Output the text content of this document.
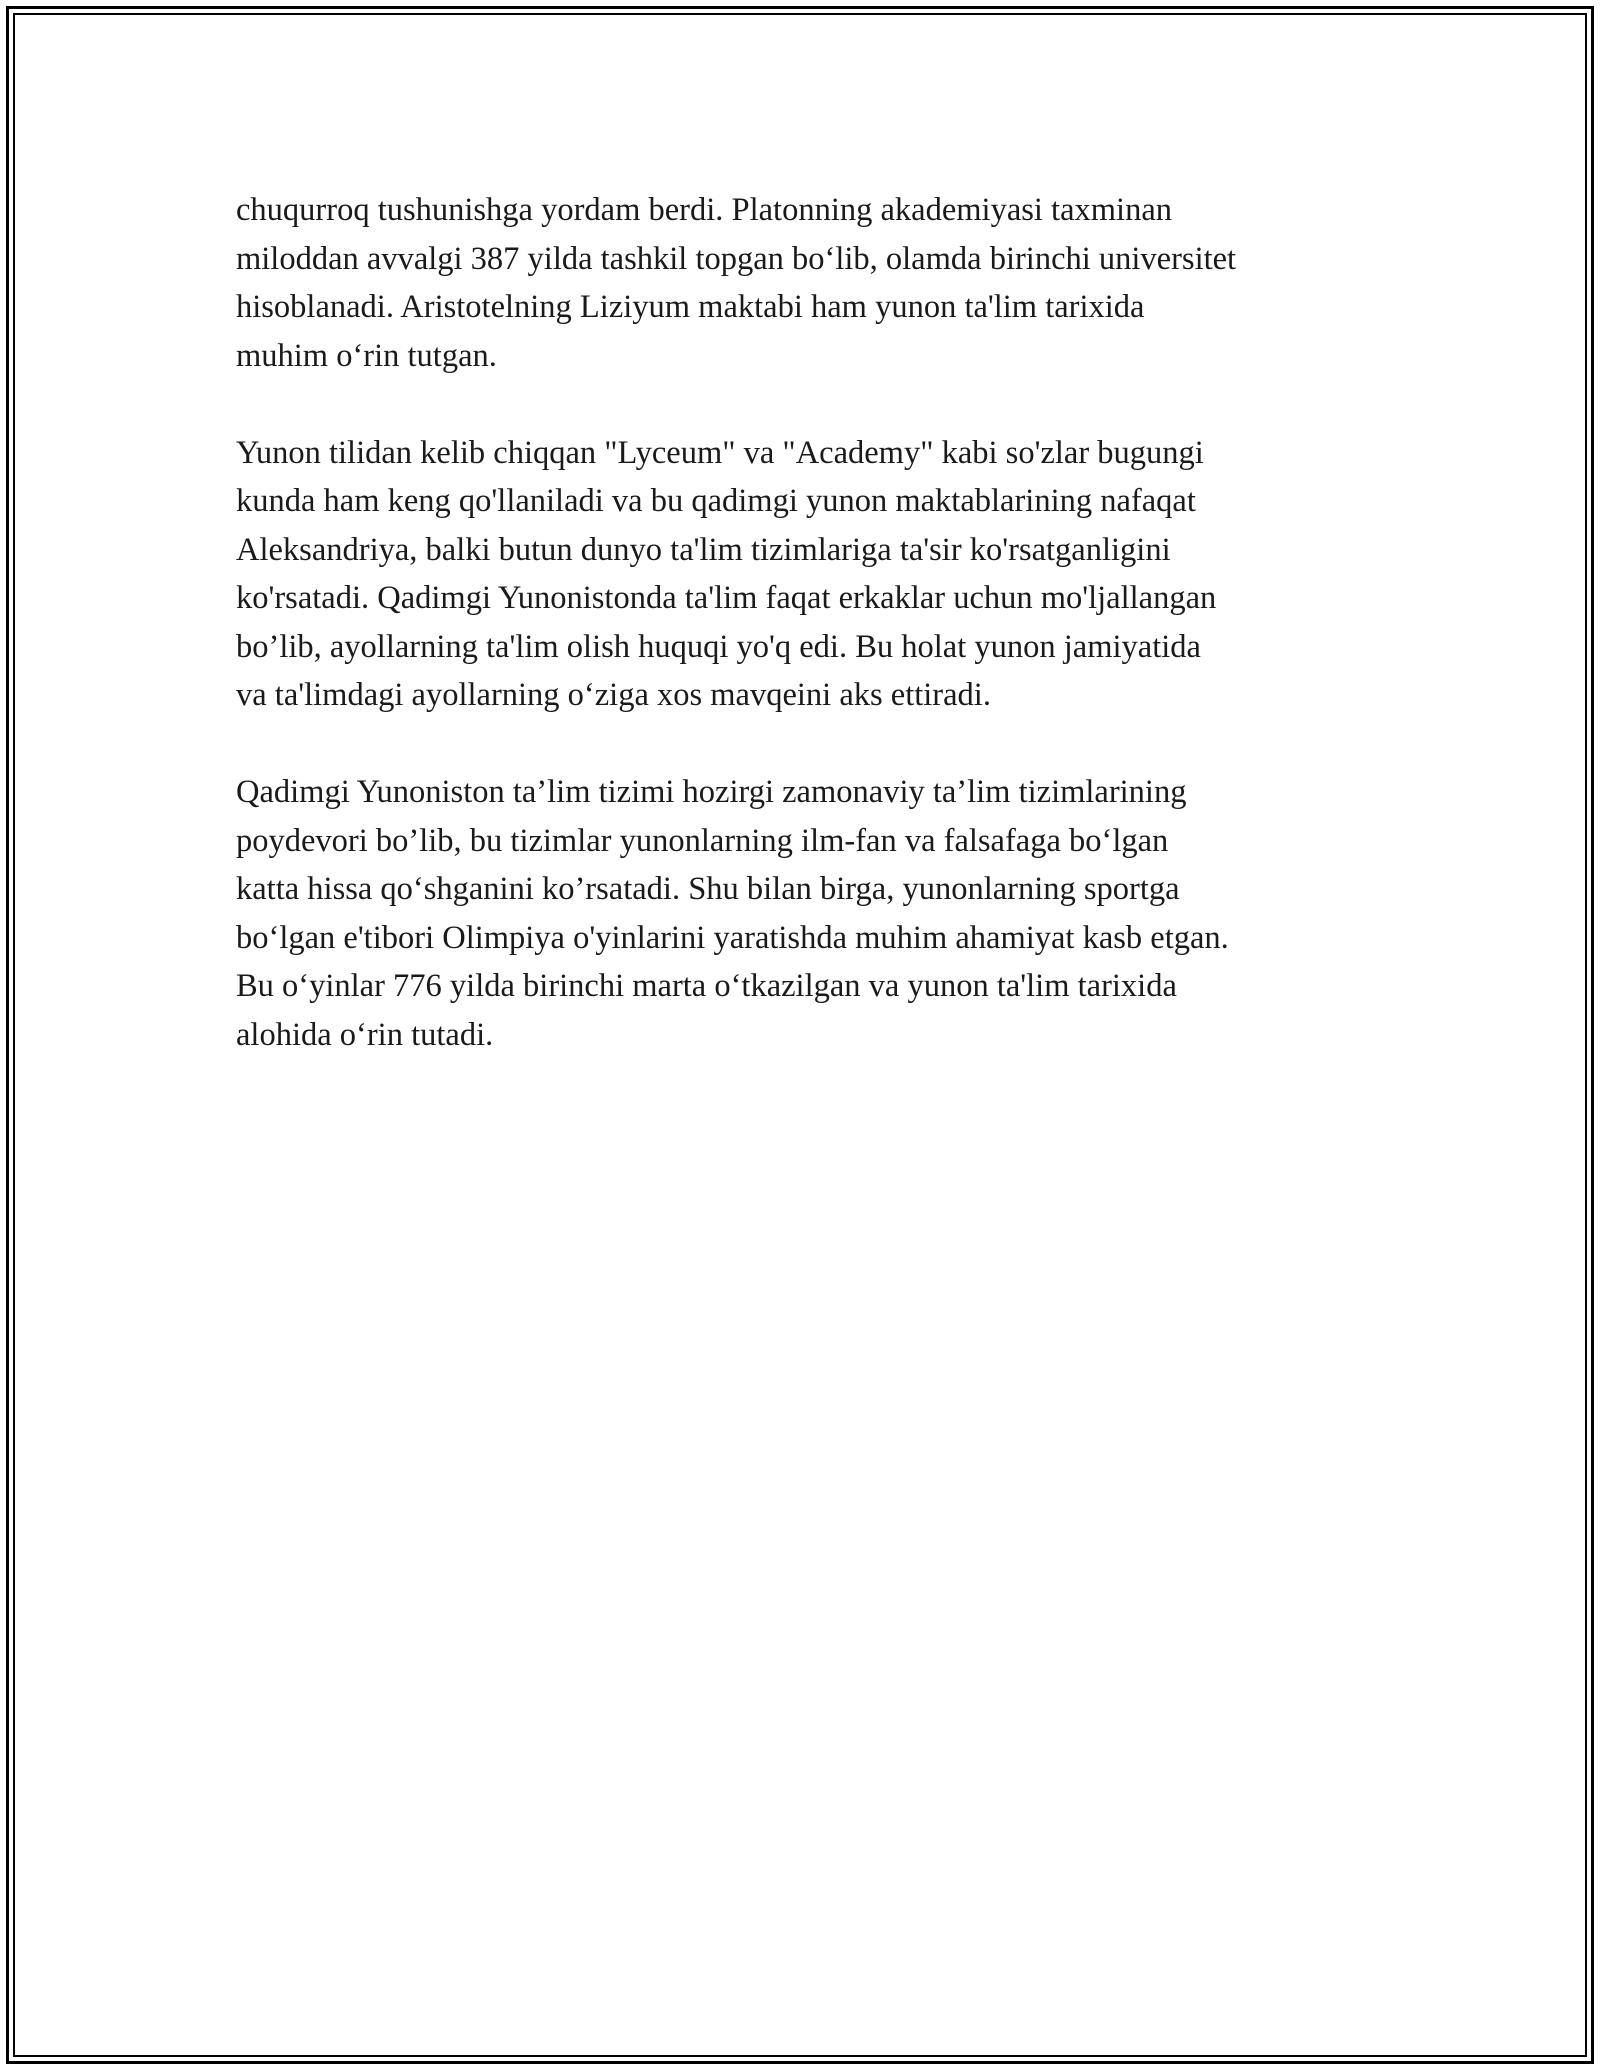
chuqurroq tushunishga yordam berdi. Platonning akademiyasi taxminan
miloddan avvalgi 387 yilda tashkil topgan bo‘lib, olamda birinchi universitet
hisoblanadi. Aristotelning Liziyum maktabi ham yunon ta'lim tarixida
muhim o‘rin tutgan.
Yunon tilidan kelib chiqqan "Lyceum" va "Academy" kabi so'zlar bugungi
kunda ham keng qo'llaniladi va bu qadimgi yunon maktablarining nafaqat
Aleksandriya, balki butun dunyo ta'lim tizimlariga ta'sir ko'rsatganligini
ko'rsatadi. Qadimgi Yunonistonda ta'lim faqat erkaklar uchun mo'ljallangan
bo’lib, ayollarning ta'lim olish huquqi yo'q edi. Bu holat yunon jamiyatida
va ta'limdagi ayollarning o‘ziga xos mavqeini aks ettiradi.
Qadimgi Yunoniston ta’lim tizimi hozirgi zamonaviy ta’lim tizimlarining
poydevori bo’lib, bu tizimlar yunonlarning ilm-fan va falsafaga bo‘lgan
katta hissa qo‘shganini ko’rsatadi. Shu bilan birga, yunonlarning sportga
bo‘lgan e'tibori Olimpiya o'yinlarini yaratishda muhim ahamiyat kasb etgan.
Bu o‘yinlar 776 yilda birinchi marta o‘tkazilgan va yunon ta'lim tarixida
alohida o‘rin tutadi.
